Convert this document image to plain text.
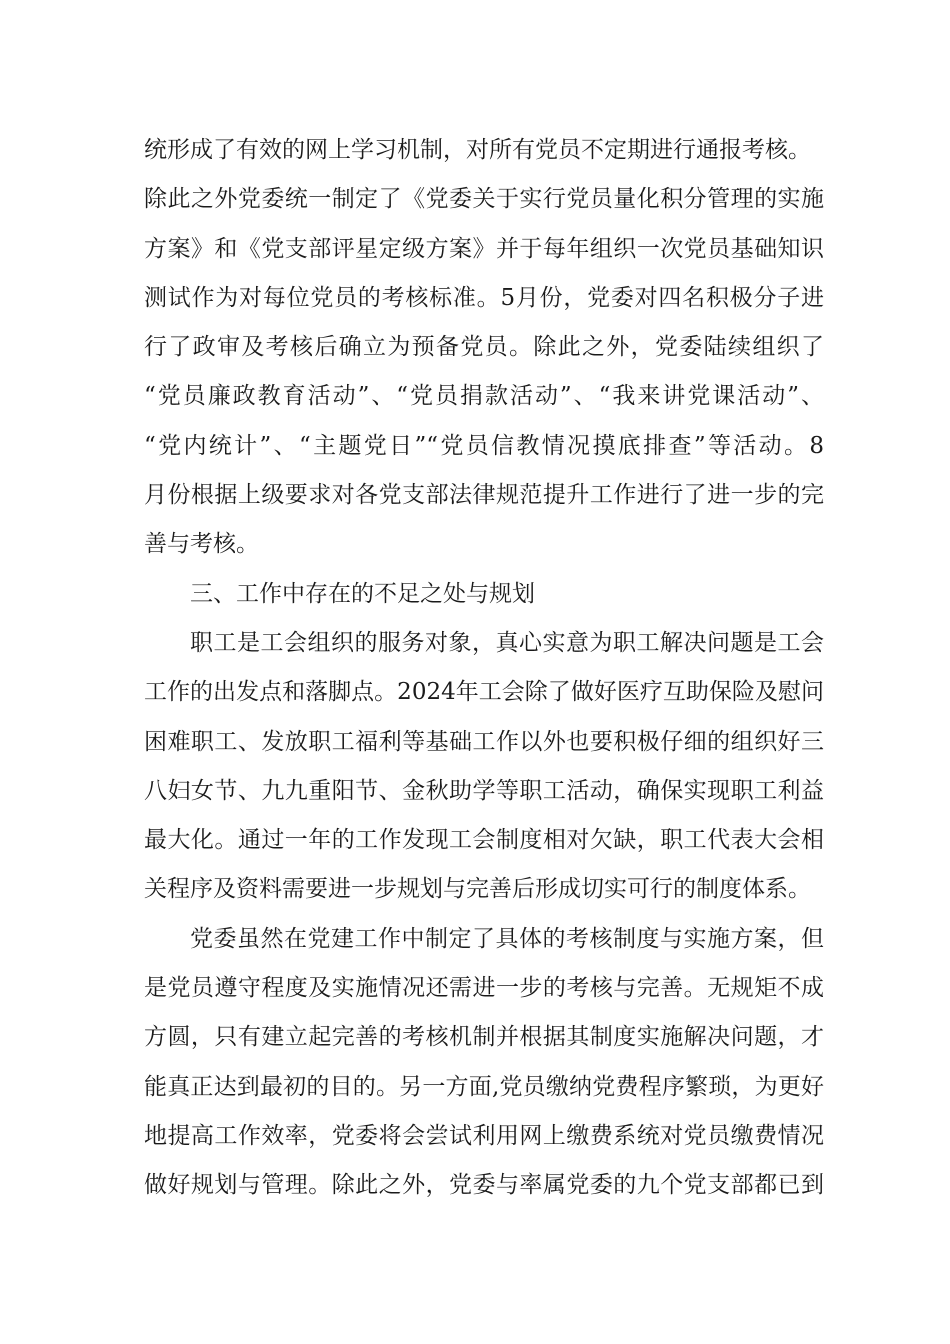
统形成了有效的网上学习机制，对所有党员不定期进行通报考核。
除此之外党委统一制定了《党委关于实行党员量化积分管理的实施
方案》和《党支部评星定级方案》并于每年组织一次党员基础知识
测试作为对每位党员的考核标准。5月份，党委对四名积极分子进
行了政审及考核后确立为预备党员。除此之外，党委陆续组织了
“党员廉政教育活动”、“党员捐款活动”、“我来讲党课活动”、
“党内统计”、“主题党日”“党员信教情况摸底排查”等活动。8
月份根据上级要求对各党支部法律规范提升工作进行了进一步的完
善与考核。
三、工作中存在的不足之处与规划
职工是工会组织的服务对象，真心实意为职工解决问题是工会
工作的出发点和落脚点。2024年工会除了做好医疗互助保险及慰问
困难职工、发放职工福利等基础工作以外也要积极仔细的组织好三
八妇女节、九九重阳节、金秋助学等职工活动，确保实现职工利益
最大化。通过一年的工作发现工会制度相对欠缺，职工代表大会相
关程序及资料需要进一步规划与完善后形成切实可行的制度体系。
党委虽然在党建工作中制定了具体的考核制度与实施方案，但
是党员遵守程度及实施情况还需进一步的考核与完善。无规矩不成
方圆，只有建立起完善的考核机制并根据其制度实施解决问题，才
能真正达到最初的目的。另一方面,党员缴纳党费程序繁琐，为更好
地提高工作效率，党委将会尝试利用网上缴费系统对党员缴费情况
做好规划与管理。除此之外，党委与率属党委的九个党支部都已到
